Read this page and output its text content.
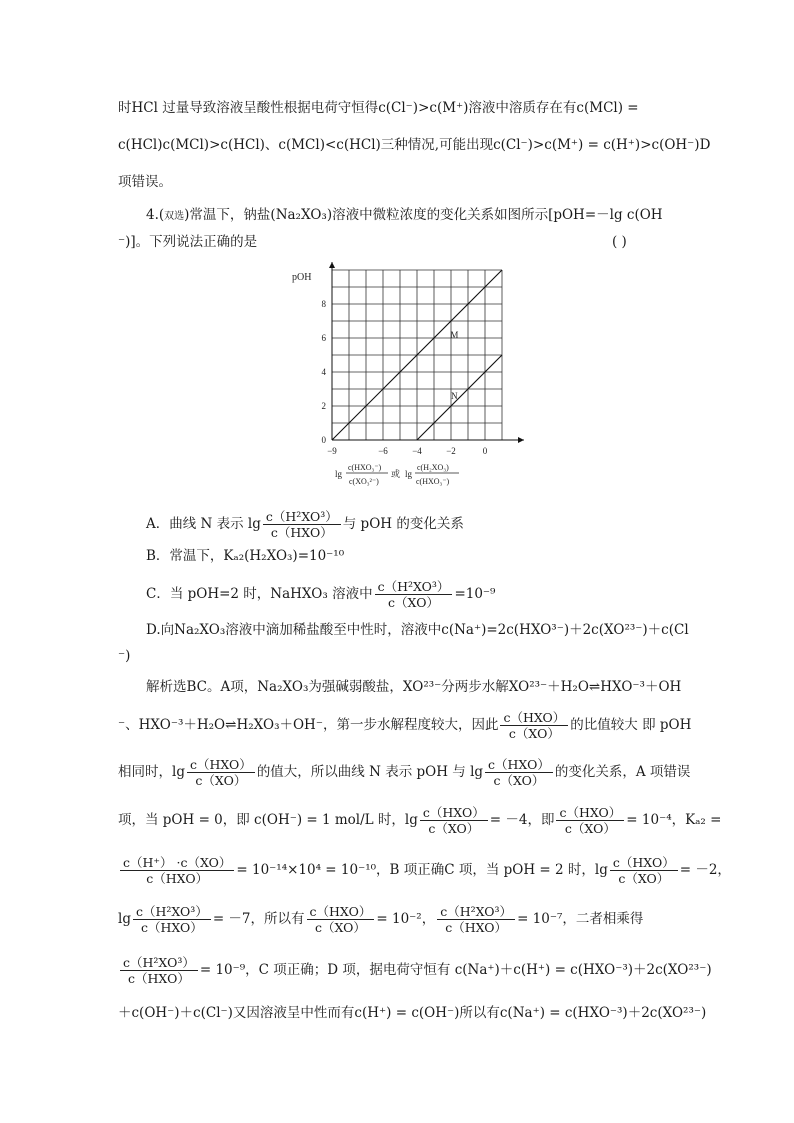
时HCl 过量导致溶液呈酸性根据电荷守恒得c(Cl⁻)>c(M⁺)溶液中溶质存在有c(MCl) =
c(HCl)c(MCl)>c(HCl)、c(MCl)<c(HCl)三种情况,可能出现c(Cl⁻)>c(M⁺) = c(H⁺)>c(OH⁻)D
项错误。
4.(双选)常温下，钠盐(Na₂XO₃)溶液中微粒浓度的变化关系如图所示[pOH=－lg c(OH
⁻)]。下列说法正确的是	( )
−9	−6	−4	−2	0
0
2
4
6
8
M
N
pOH
lg
c(HXO₃⁻)
c(XO₃²⁻)
或 lg
c(H₂XO₃)
c(HXO₃⁻)
A．曲线 N 表示 $\lg \frac{\text{c（H²XO³）}}{\text{c（HXO）}}$ 与 pOH 的变化关系
B．常温下，Kₐ₂(H₂XO₃)=10⁻¹⁰
C．当 pOH=2 时，NaHXO₃ 溶液中 $\frac{\text{c（H²XO³）}}{c(XO)} =10^{-9}$
D.向Na₂XO₃溶液中滴加稀盐酸至中性时，溶液中c(Na⁺)=2c(HXO³⁻)＋2c(XO²³⁻)＋c(Cl
⁻)
解析选BC。A项，Na₂XO₃为强碱弱酸盐，XO²³⁻分两步水解XO²³⁻＋H₂O⇌HXO⁻³＋OH
⁻、HXO⁻³＋H₂O⇌H₂XO₃＋OH⁻，第一步水解程度较大，因此 $\frac{\text{c（HXO）}}{c(XO)}$ 的比值较大 即 pOH
相同时，$\lg \frac{\text{c（HXO）}}{c(XO)}$ 的值大，所以曲线 N 表示 pOH 与 $\lg \frac{\text{c（HXO）}}{c(XO)}$ 的变化关系，A 项错误
项，当 pOH = 0，即 c(OH⁻) = 1 mol/L 时，$\lg \frac{\text{c（HXO）}}{c(XO)} = -4$，即 $\frac{\text{c（HXO）}}{c(XO)} = 10^{-4}$，Kₐ₂ =
$\frac{c(H^+) \cdot c(XO)}{\text{c（HXO）}} = 10^{-14}\times 10^4 = 10^{-10}$，B 项正确C 项，当 pOH = 2 时，$\lg \frac{\text{c（HXO）}}{c(XO)} = -2$，
$\lg \frac{\text{c（H²XO³）}}{\text{c（HXO）}} = -7$，所以有 $\frac{\text{c（HXO）}}{c(XO)} = 10^{-2}$， $\frac{\text{c（H²XO³）}}{\text{c（HXO）}} = 10^{-7}$，二者相乘得
$\frac{\text{c（H²XO³）}}{\text{c（HXO）}} = 10^{-9}$，C 项正确；D 项，据电荷守恒有 c(Na⁺)＋c(H⁺) = c(HXO⁻³)＋2c(XO²³⁻)
＋c(OH⁻)＋c(Cl⁻)又因溶液呈中性而有c(H⁺) = c(OH⁻)所以有c(Na⁺) = c(HXO⁻³)＋2c(XO²³⁻)
